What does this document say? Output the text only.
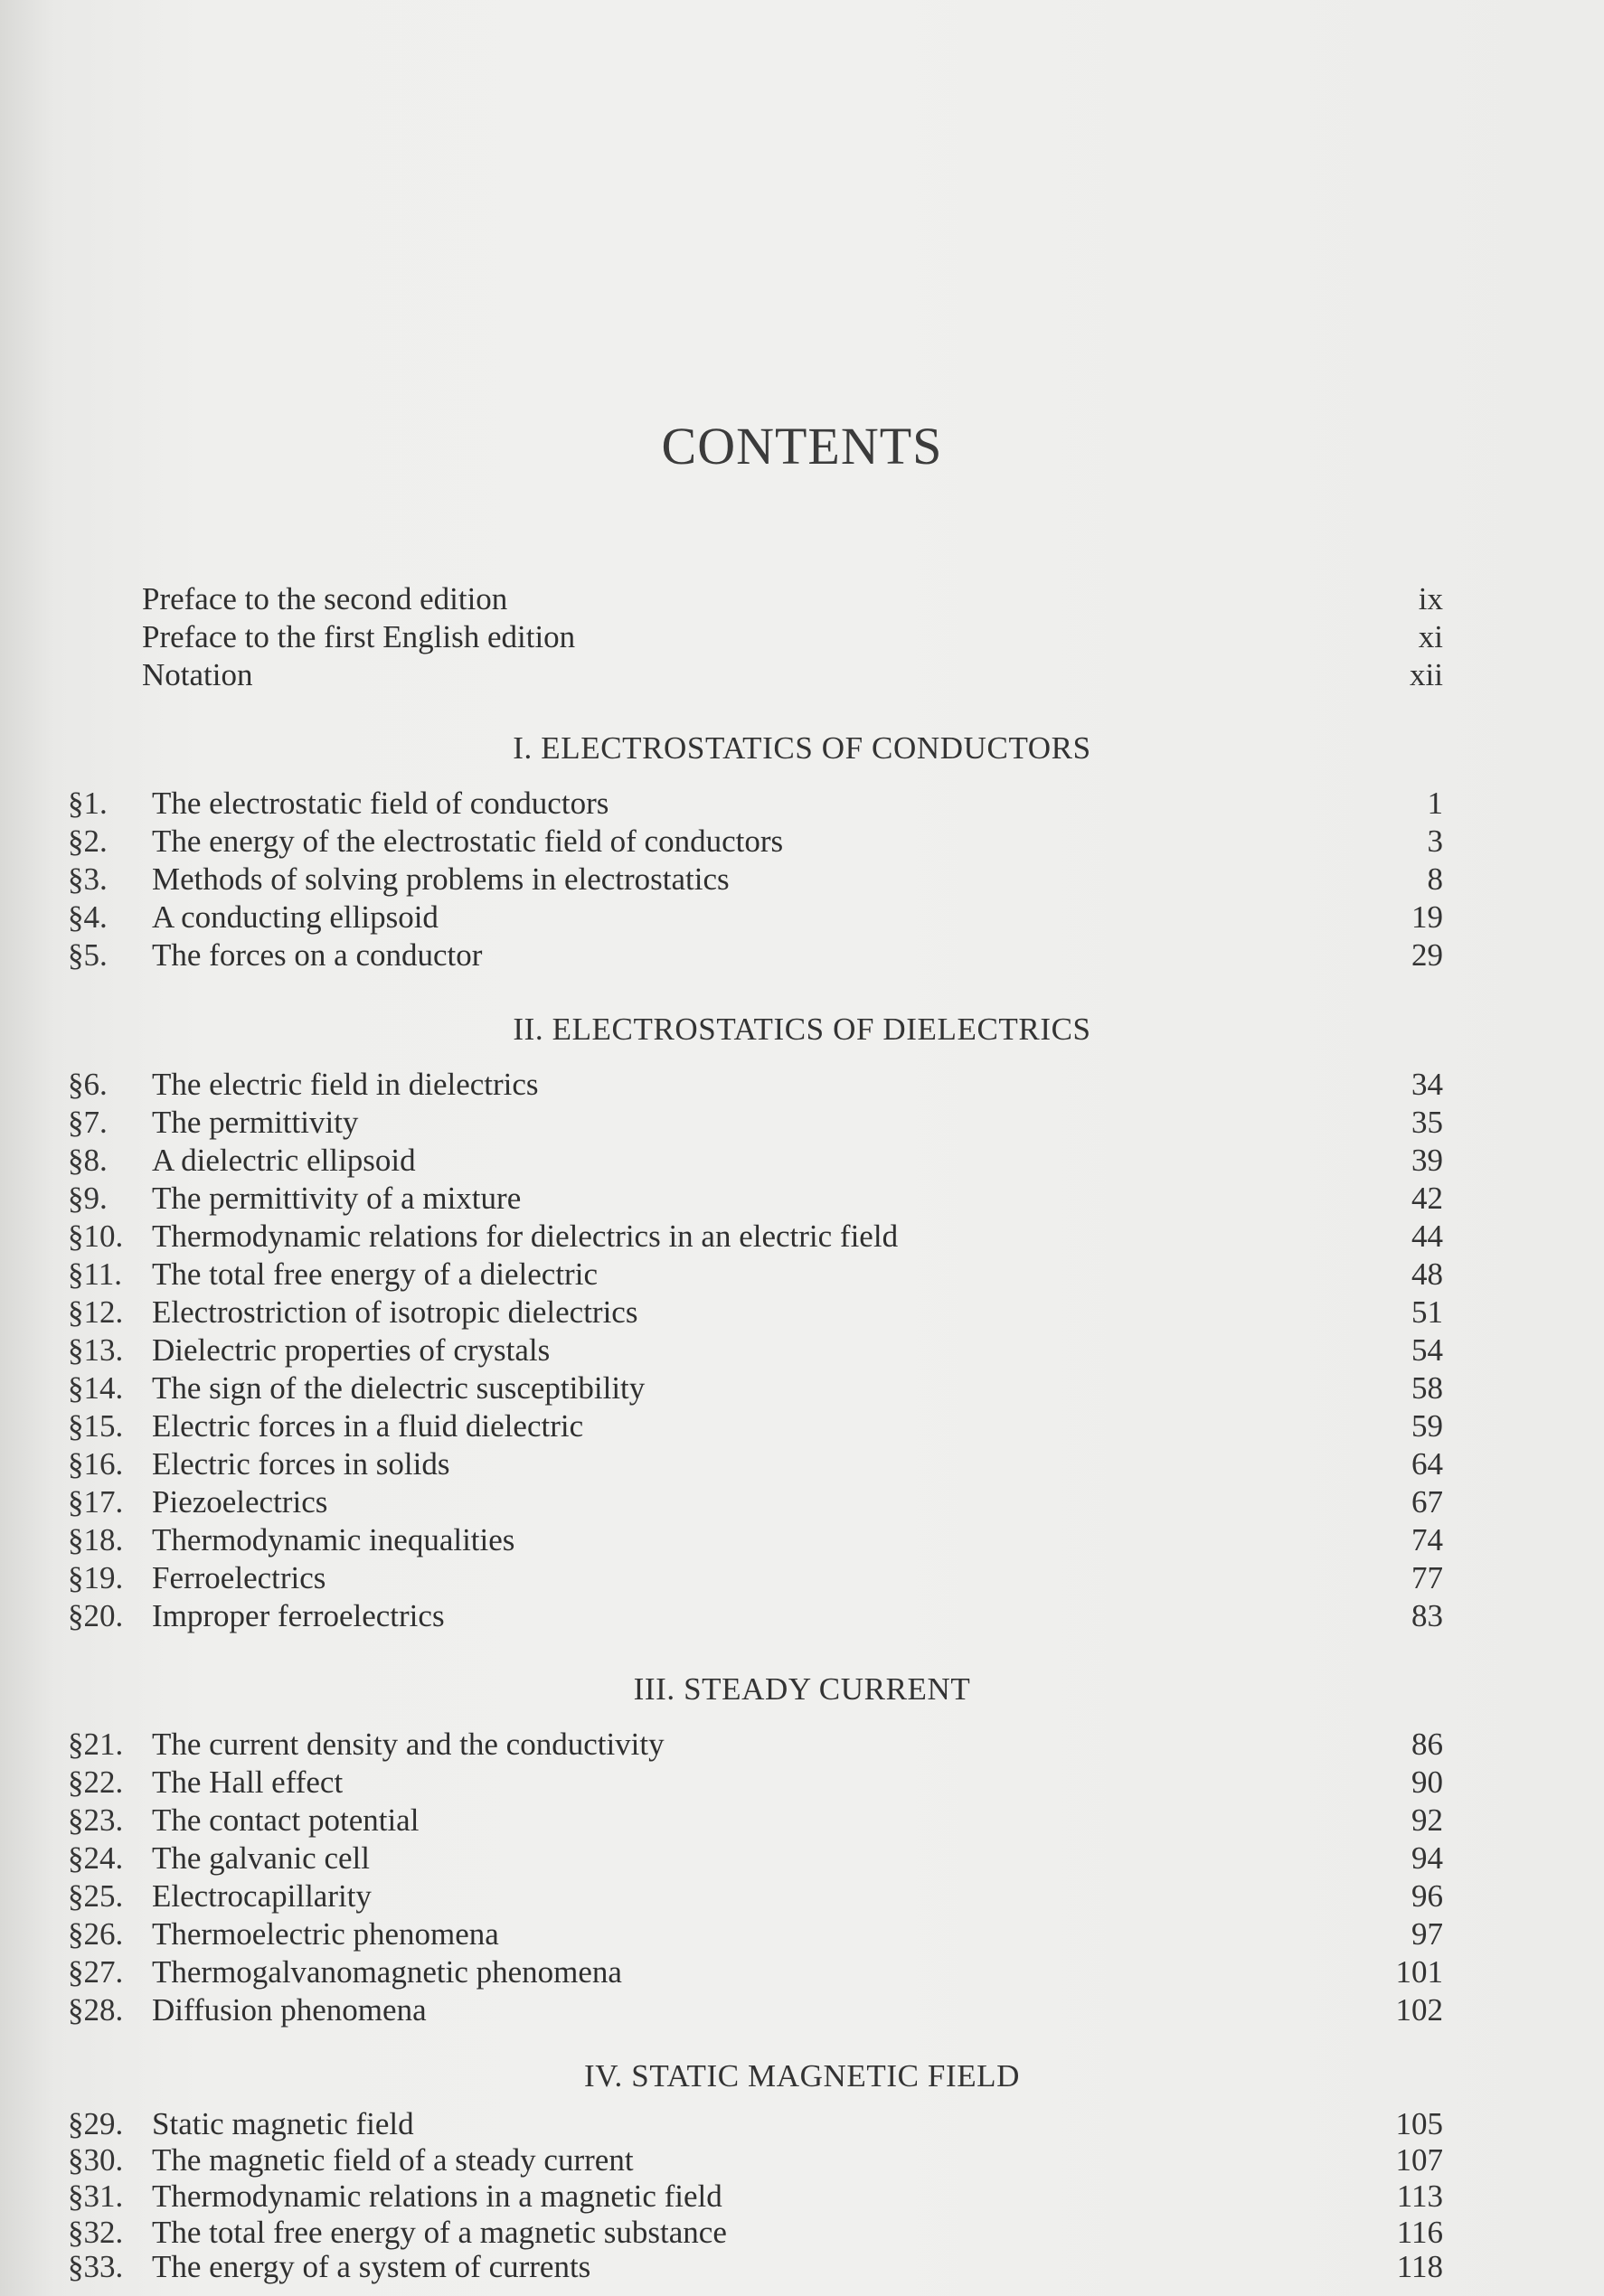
CONTENTS
Preface to the second edition	ix
Preface to the first English edition	xi
Notation	xii
I. ELECTROSTATICS OF CONDUCTORS
§1. The electrostatic field of conductors	1
§2. The energy of the electrostatic field of conductors	3
§3. Methods of solving problems in electrostatics	8
§4. A conducting ellipsoid	19
§5. The forces on a conductor	29
II. ELECTROSTATICS OF DIELECTRICS
§6. The electric field in dielectrics	34
§7. The permittivity	35
§8. A dielectric ellipsoid	39
§9. The permittivity of a mixture	42
§10. Thermodynamic relations for dielectrics in an electric field	44
§11. The total free energy of a dielectric	48
§12. Electrostriction of isotropic dielectrics	51
§13. Dielectric properties of crystals	54
§14. The sign of the dielectric susceptibility	58
§15. Electric forces in a fluid dielectric	59
§16. Electric forces in solids	64
§17. Piezoelectrics	67
§18. Thermodynamic inequalities	74
§19. Ferroelectrics	77
§20. Improper ferroelectrics	83
III. STEADY CURRENT
§21. The current density and the conductivity	86
§22. The Hall effect	90
§23. The contact potential	92
§24. The galvanic cell	94
§25. Electrocapillarity	96
§26. Thermoelectric phenomena	97
§27. Thermogalvanomagnetic phenomena	101
§28. Diffusion phenomena	102
IV. STATIC MAGNETIC FIELD
§29. Static magnetic field	105
§30. The magnetic field of a steady current	107
§31. Thermodynamic relations in a magnetic field	113
§32. The total free energy of a magnetic substance	116
§33. The energy of a system of currents	118
